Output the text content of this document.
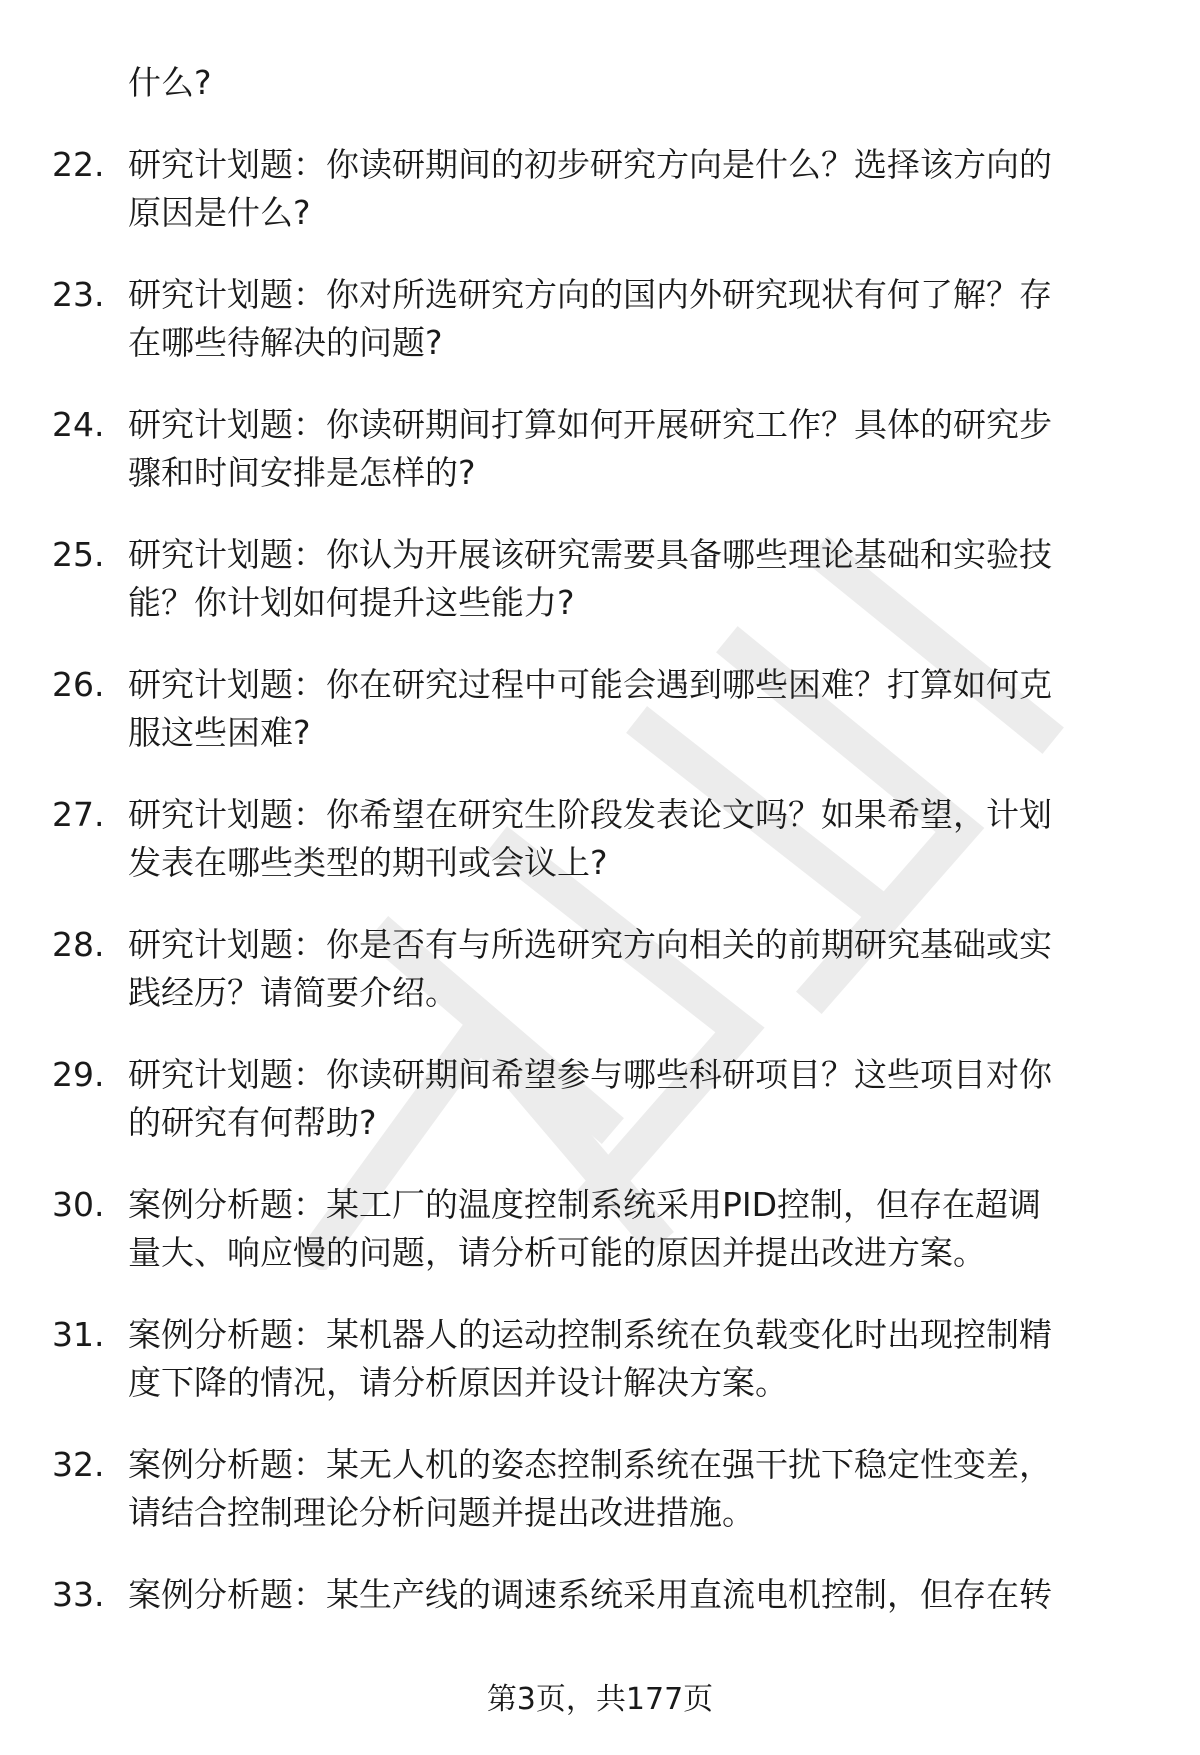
什么?
22. 研究计划题：你读研期间的初步研究方向是什么？选择该方向的
原因是什么?
23. 研究计划题：你对所选研究方向的国内外研究现状有何了解？存
在哪些待解决的问题?
24. 研究计划题：你读研期间打算如何开展研究工作？具体的研究步
骤和时间安排是怎样的?
25. 研究计划题：你认为开展该研究需要具备哪些理论基础和实验技
能？你计划如何提升这些能力?
26. 研究计划题：你在研究过程中可能会遇到哪些困难？打算如何克
服这些困难?
27. 研究计划题：你希望在研究生阶段发表论文吗？如果希望，计划
发表在哪些类型的期刊或会议上?
28. 研究计划题：你是否有与所选研究方向相关的前期研究基础或实
践经历？请简要介绍。
29. 研究计划题：你读研期间希望参与哪些科研项目？这些项目对你
的研究有何帮助?
30. 案例分析题：某工厂的温度控制系统采用PID控制，但存在超调
量大、响应慢的问题，请分析可能的原因并提出改进方案。
31. 案例分析题：某机器人的运动控制系统在负载变化时出现控制精
度下降的情况，请分析原因并设计解决方案。
32. 案例分析题：某无人机的姿态控制系统在强干扰下稳定性变差，
请结合控制理论分析问题并提出改进措施。
33. 案例分析题：某生产线的调速系统采用直流电机控制，但存在转
第3页，共177页
